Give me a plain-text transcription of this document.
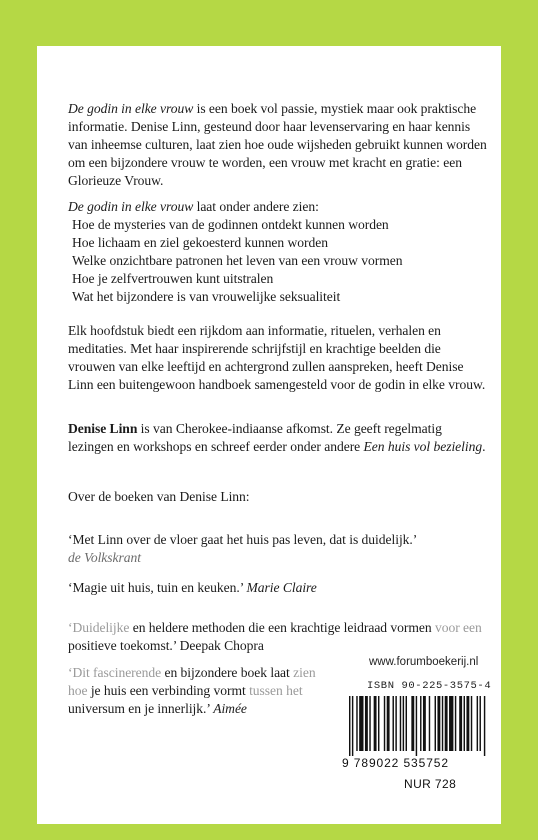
De godin in elke vrouw is een boek vol passie, mystiek maar ook praktische informatie. Denise Linn, gesteund door haar levenservaring en haar kennis van inheemse culturen, laat zien hoe oude wijsheden gebruikt kunnen worden om een bijzondere vrouw te worden, een vrouw met kracht en gratie: een Glorieuze Vrouw.

De godin in elke vrouw laat onder andere zien:

Hoe de mysteries van de godinnen ontdekt kunnen worden
Hoe lichaam en ziel gekoesterd kunnen worden
Welke onzichtbare patronen het leven van een vrouw vormen
Hoe je zelfvertrouwen kunt uitstralen
Wat het bijzondere is van vrouwelijke seksualiteit

Elk hoofdstuk biedt een rijkdom aan informatie, rituelen, verhalen en meditaties. Met haar inspirerende schrijfstijl en krachtige beelden die vrouwen van elke leeftijd en achtergrond zullen aanspreken, heeft Denise Linn een buitengewoon handboek samengesteld voor de godin in elke vrouw.

Denise Linn is van Cherokee-indiaanse afkomst. Ze geeft regelmatig lezingen en workshops en schreef eerder onder andere Een huis vol bezieling.

Over de boeken van Denise Linn:

‘Met Linn over de vloer gaat het huis pas leven, dat is duidelijk.’
de Volkskrant

‘Magie uit huis, tuin en keuken.’ Marie Claire

‘Duidelijke en heldere methoden die een krachtige leidraad vormen voor een positieve toekomst.’ Deepak Chopra

‘Dit fascinerende en bijzondere boek laat zien hoe je huis een verbinding vormt tussen het universum en je innerlijk.’ Aimée

www.forumboekerij.nl
ISBN 90-225-3575-4
9 789022 535752
NUR 728
